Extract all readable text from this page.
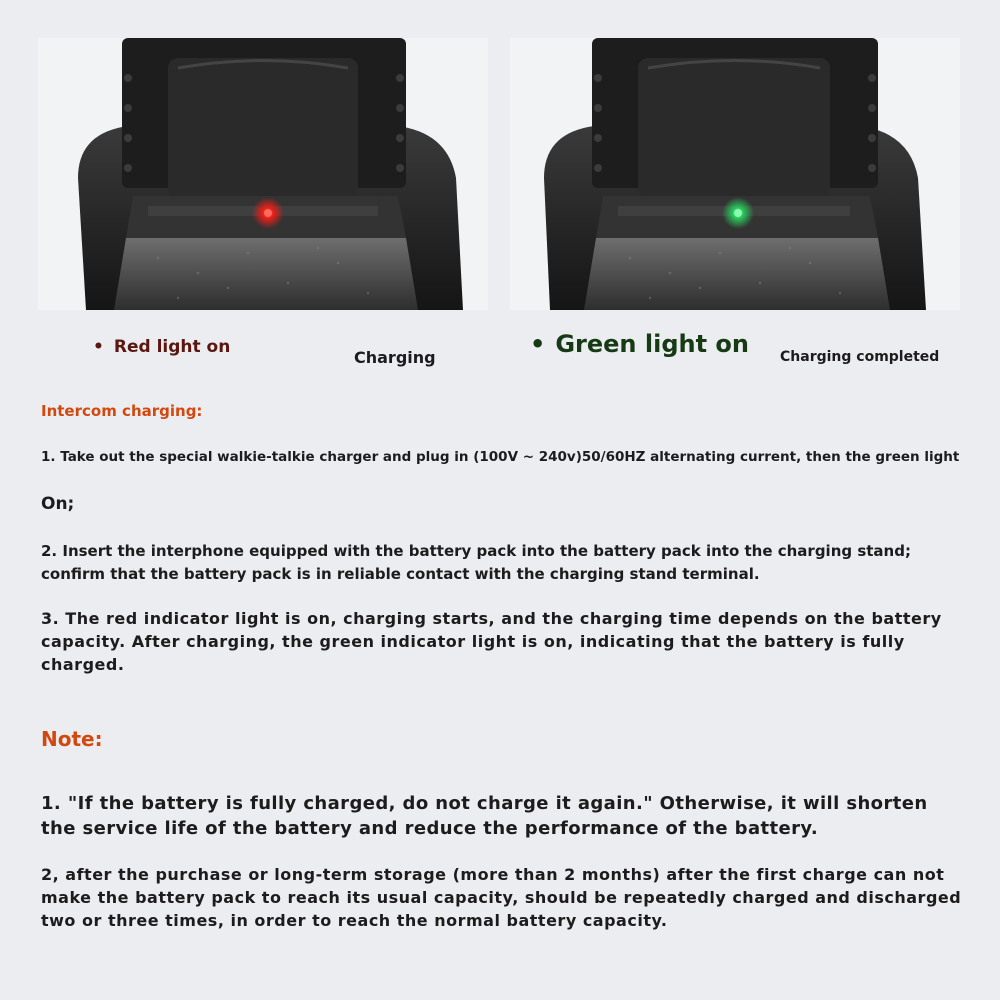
• Red light on
Charging	• Green light on Charging completed
Intercom charging:
1. Take out the special walkie-talkie charger and plug in (100V ~ 240v)50/60HZ alternating current, then the green light
On;
2. Insert the interphone equipped with the battery pack into the battery pack into the charging stand; confirm that the battery pack is in reliable contact with the charging stand terminal.
3. The red indicator light is on, charging starts, and the charging time depends on the battery capacity. After charging, the green indicator light is on, indicating that the battery is fully charged.
Note:
1. "If the battery is fully charged, do not charge it again." Otherwise, it will shorten the service life of the battery and reduce the performance of the battery.
2, after the purchase or long-term storage (more than 2 months) after the first charge can not make the battery pack to reach its usual capacity, should be repeatedly charged and discharged two or three times, in order to reach the normal battery capacity.
